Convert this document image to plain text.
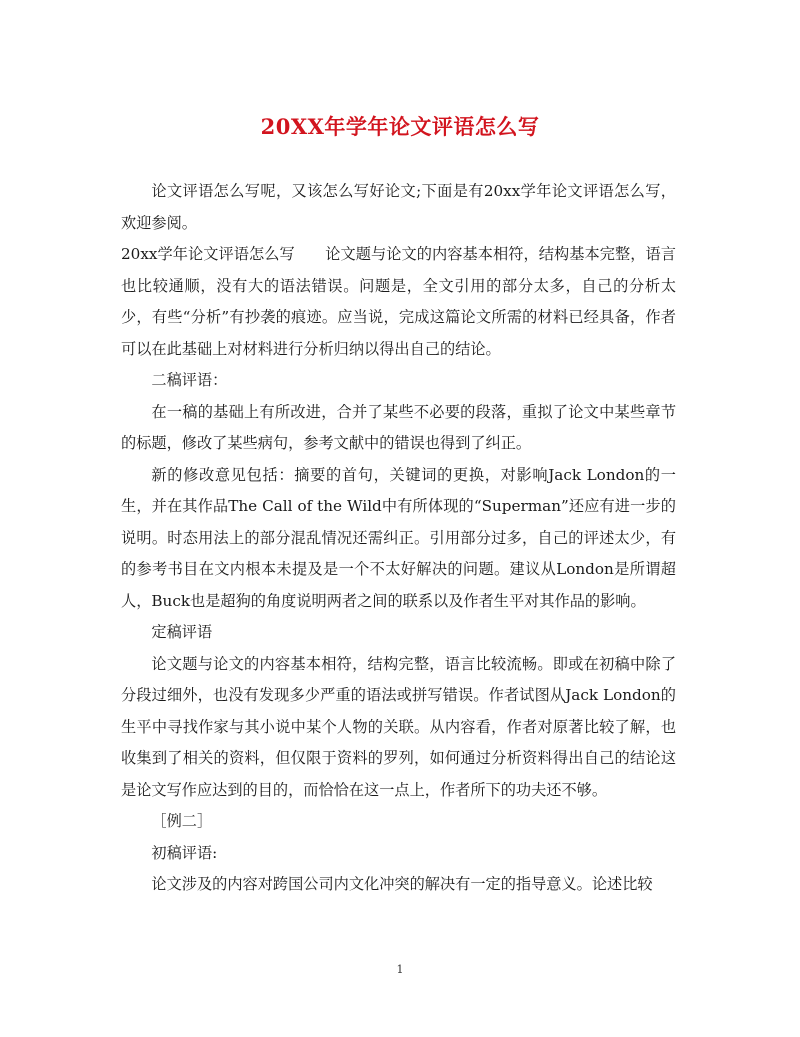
20XX年学年论文评语怎么写

论文评语怎么写呢，又该怎么写好论文;下面是有20xx学年论文评语怎么写，欢迎参阅。

20xx学年论文评语怎么写　　论文题与论文的内容基本相符，结构基本完整，语言也比较通顺，没有大的语法错误。问题是，全文引用的部分太多，自己的分析太少，有些“分析”有抄袭的痕迹。应当说，完成这篇论文所需的材料已经具备，作者可以在此基础上对材料进行分析归纳以得出自己的结论。

二稿评语：

在一稿的基础上有所改进，合并了某些不必要的段落，重拟了论文中某些章节的标题，修改了某些病句，参考文献中的错误也得到了纠正。

新的修改意见包括：摘要的首句，关键词的更换，对影响Jack London的一生，并在其作品The Call of the Wild中有所体现的“Superman”还应有进一步的说明。时态用法上的部分混乱情况还需纠正。引用部分过多，自己的评述太少，有的参考书目在文内根本未提及是一个不太好解决的问题。建议从London是所谓超人，Buck也是超狗的角度说明两者之间的联系以及作者生平对其作品的影响。

定稿评语

论文题与论文的内容基本相符，结构完整，语言比较流畅。即或在初稿中除了分段过细外，也没有发现多少严重的语法或拼写错误。作者试图从Jack London的生平中寻找作家与其小说中某个人物的关联。从内容看，作者对原著比较了解，也收集到了相关的资料，但仅限于资料的罗列，如何通过分析资料得出自己的结论这是论文写作应达到的目的，而恰恰在这一点上，作者所下的功夫还不够。

［例二］

初稿评语:

论文涉及的内容对跨国公司内文化冲突的解决有一定的指导意义。论述比较

1
